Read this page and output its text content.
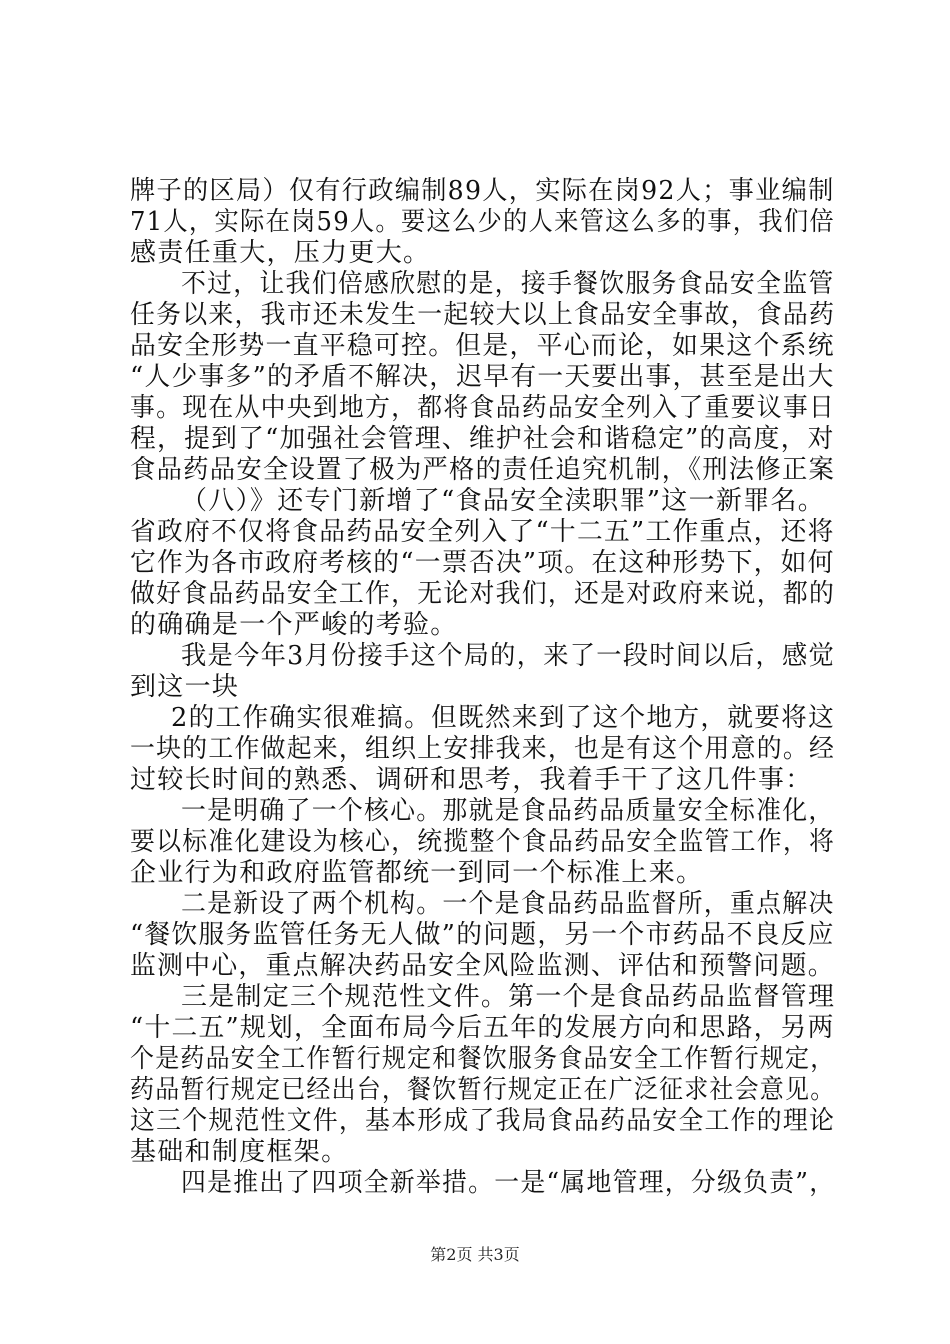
牌子的区局）仅有行政编制89人，实际在岗92人；事业编制
71人，实际在岗59人。要这么少的人来管这么多的事，我们倍
感责任重大，压力更大。
不过，让我们倍感欣慰的是，接手餐饮服务食品安全监管
任务以来，我市还未发生一起较大以上食品安全事故，食品药
品安全形势一直平稳可控。但是，平心而论，如果这个系统
“人少事多”的矛盾不解决，迟早有一天要出事，甚至是出大
事。现在从中央到地方，都将食品药品安全列入了重要议事日
程，提到了“加强社会管理、维护社会和谐稳定”的高度，对
食品药品安全设置了极为严格的责任追究机制，《刑法修正案
（八）》还专门新增了“食品安全渎职罪”这一新罪名。
省政府不仅将食品药品安全列入了“十二五”工作重点，还将
它作为各市政府考核的“一票否决”项。在这种形势下，如何
做好食品药品安全工作，无论对我们，还是对政府来说，都的
的确确是一个严峻的考验。
我是今年3月份接手这个局的，来了一段时间以后，感觉
到这一块
2的工作确实很难搞。但既然来到了这个地方，就要将这
一块的工作做起来，组织上安排我来，也是有这个用意的。经
过较长时间的熟悉、调研和思考，我着手干了这几件事：
一是明确了一个核心。那就是食品药品质量安全标准化，
要以标准化建设为核心，统揽整个食品药品安全监管工作，将
企业行为和政府监管都统一到同一个标准上来。
二是新设了两个机构。一个是食品药品监督所，重点解决
“餐饮服务监管任务无人做”的问题，另一个市药品不良反应
监测中心，重点解决药品安全风险监测、评估和预警问题。
三是制定三个规范性文件。第一个是食品药品监督管理
“十二五”规划，全面布局今后五年的发展方向和思路，另两
个是药品安全工作暂行规定和餐饮服务食品安全工作暂行规定，
药品暂行规定已经出台，餐饮暂行规定正在广泛征求社会意见。
这三个规范性文件，基本形成了我局食品药品安全工作的理论
基础和制度框架。
四是推出了四项全新举措。一是“属地管理，分级负责”，
第2页 共3页
